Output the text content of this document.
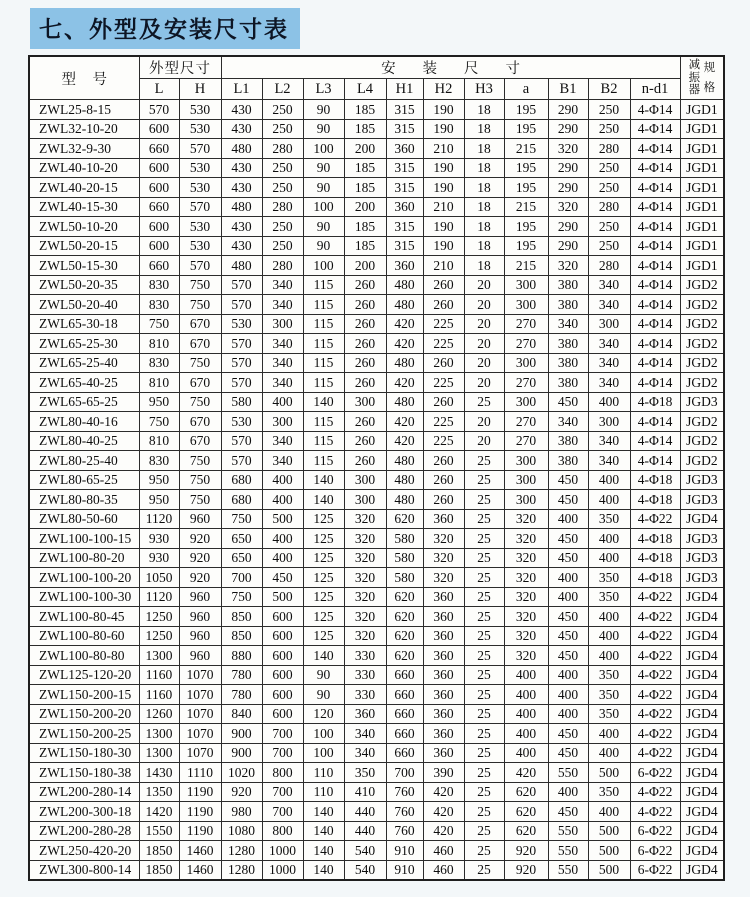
七、外型及安装尺寸表
型 号	外型尺寸		安装尺寸											减振器
规格

	L	H	L1	L2	L3	L4	H1	H2	H3	a	B1	B2	n-d1	
ZWL25-8-15	570	530	430	250	90	185	315	190	18	195	290	250	4-Φ14	JGD1
ZWL32-10-20	600	530	430	250	90	185	315	190	18	195	290	250	4-Φ14	JGD1
ZWL32-9-30	660	570	480	280	100	200	360	210	18	215	320	280	4-Φ14	JGD1
ZWL40-10-20	600	530	430	250	90	185	315	190	18	195	290	250	4-Φ14	JGD1
ZWL40-20-15	600	530	430	250	90	185	315	190	18	195	290	250	4-Φ14	JGD1
ZWL40-15-30	660	570	480	280	100	200	360	210	18	215	320	280	4-Φ14	JGD1
ZWL50-10-20	600	530	430	250	90	185	315	190	18	195	290	250	4-Φ14	JGD1
ZWL50-20-15	600	530	430	250	90	185	315	190	18	195	290	250	4-Φ14	JGD1
ZWL50-15-30	660	570	480	280	100	200	360	210	18	215	320	280	4-Φ14	JGD1
ZWL50-20-35	830	750	570	340	115	260	480	260	20	300	380	340	4-Φ14	JGD2
ZWL50-20-40	830	750	570	340	115	260	480	260	20	300	380	340	4-Φ14	JGD2
ZWL65-30-18	750	670	530	300	115	260	420	225	20	270	340	300	4-Φ14	JGD2
ZWL65-25-30	810	670	570	340	115	260	420	225	20	270	380	340	4-Φ14	JGD2
ZWL65-25-40	830	750	570	340	115	260	480	260	20	300	380	340	4-Φ14	JGD2
ZWL65-40-25	810	670	570	340	115	260	420	225	20	270	380	340	4-Φ14	JGD2
ZWL65-65-25	950	750	580	400	140	300	480	260	25	300	450	400	4-Φ18	JGD3
ZWL80-40-16	750	670	530	300	115	260	420	225	20	270	340	300	4-Φ14	JGD2
ZWL80-40-25	810	670	570	340	115	260	420	225	20	270	380	340	4-Φ14	JGD2
ZWL80-25-40	830	750	570	340	115	260	480	260	25	300	380	340	4-Φ14	JGD2
ZWL80-65-25	950	750	680	400	140	300	480	260	25	300	450	400	4-Φ18	JGD3
ZWL80-80-35	950	750	680	400	140	300	480	260	25	300	450	400	4-Φ18	JGD3
ZWL80-50-60	1120	960	750	500	125	320	620	360	25	320	400	350	4-Φ22	JGD4
ZWL100-100-15	930	920	650	400	125	320	580	320	25	320	450	400	4-Φ18	JGD3
ZWL100-80-20	930	920	650	400	125	320	580	320	25	320	450	400	4-Φ18	JGD3
ZWL100-100-20	1050	920	700	450	125	320	580	320	25	320	400	350	4-Φ18	JGD3
ZWL100-100-30	1120	960	750	500	125	320	620	360	25	320	400	350	4-Φ22	JGD4
ZWL100-80-45	1250	960	850	600	125	320	620	360	25	320	450	400	4-Φ22	JGD4
ZWL100-80-60	1250	960	850	600	125	320	620	360	25	320	450	400	4-Φ22	JGD4
ZWL100-80-80	1300	960	880	600	140	330	620	360	25	320	450	400	4-Φ22	JGD4
ZWL125-120-20	1160	1070	780	600	90	330	660	360	25	400	400	350	4-Φ22	JGD4
ZWL150-200-15	1160	1070	780	600	90	330	660	360	25	400	400	350	4-Φ22	JGD4
ZWL150-200-20	1260	1070	840	600	120	360	660	360	25	400	400	350	4-Φ22	JGD4
ZWL150-200-25	1300	1070	900	700	100	340	660	360	25	400	450	400	4-Φ22	JGD4
ZWL150-180-30	1300	1070	900	700	100	340	660	360	25	400	450	400	4-Φ22	JGD4
ZWL150-180-38	1430	1110	1020	800	110	350	700	390	25	420	550	500	6-Φ22	JGD4
ZWL200-280-14	1350	1190	920	700	110	410	760	420	25	620	400	350	4-Φ22	JGD4
ZWL200-300-18	1420	1190	980	700	140	440	760	420	25	620	450	400	4-Φ22	JGD4
ZWL200-280-28	1550	1190	1080	800	140	440	760	420	25	620	550	500	6-Φ22	JGD4
ZWL250-420-20	1850	1460	1280	1000	140	540	910	460	25	920	550	500	6-Φ22	JGD4
ZWL300-800-14	1850	1460	1280	1000	140	540	910	460	25	920	550	500	6-Φ22	JGD4
